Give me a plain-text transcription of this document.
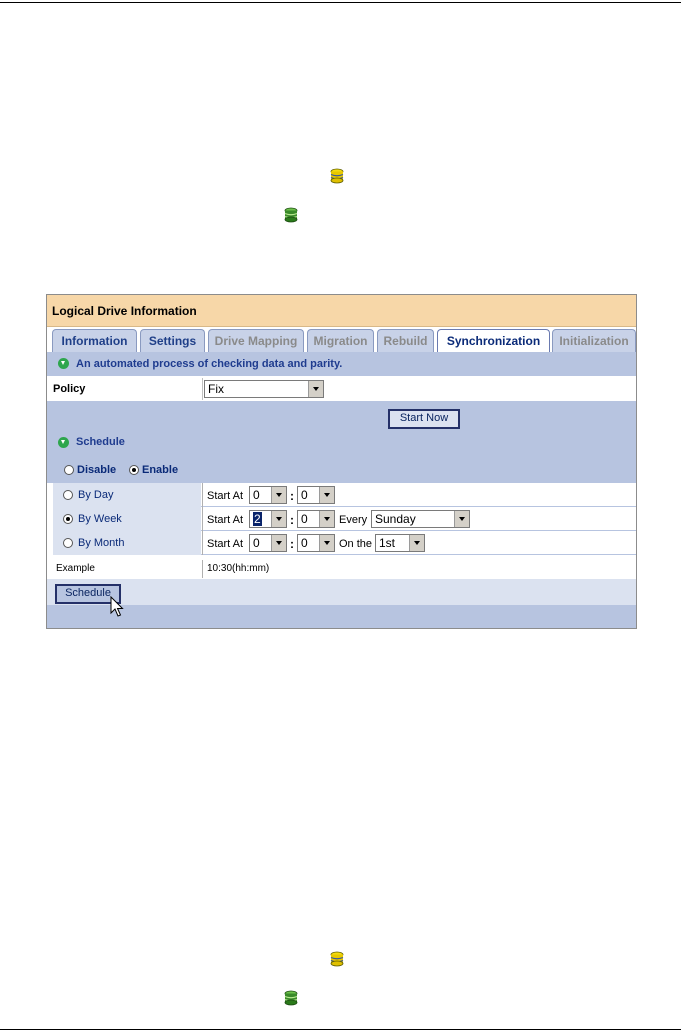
Logical Drive Information
Information	Settings	Drive Mapping	Migration	Rebuild	Synchronization	Initialization
An automated process of checking data and parity.
Policy	Fix
Start Now
Schedule
Disable Enable
By Day	Start At 0	: 0
By Week	Start At 2	: 0	Every Sunday
By Month	Start At 0	: 0	On the 1st
Example	10:30(hh:mm)
Schedule
